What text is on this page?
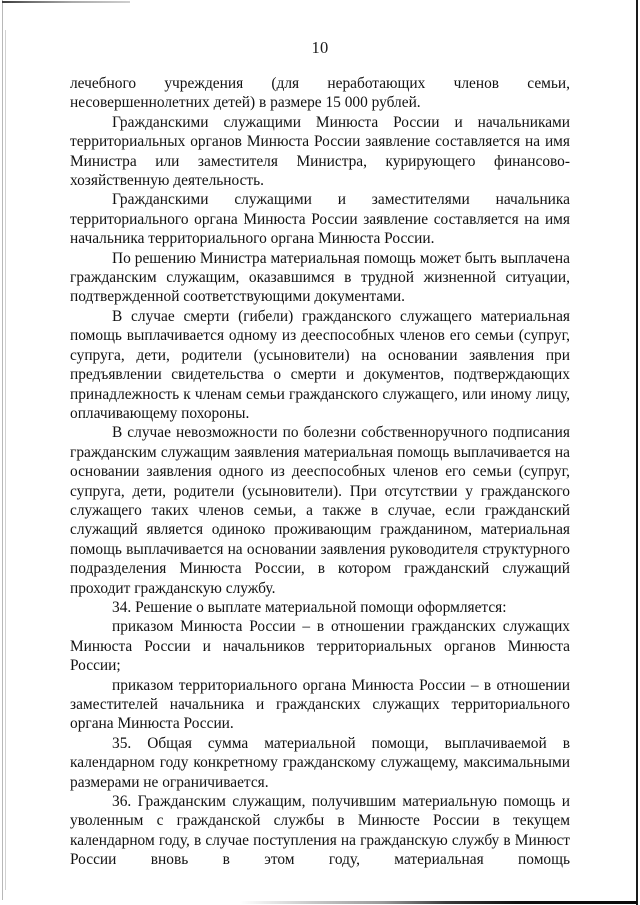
10

лечебного учреждения (для неработающих членов семьи, несовершеннолетних детей) в размере 15 000 рублей.

Гражданскими служащими Минюста России и начальниками территориальных органов Минюста России заявление составляется на имя Министра или заместителя Министра, курирующего финансово-хозяйственную деятельность.

Гражданскими служащими и заместителями начальника территориального органа Минюста России заявление составляется на имя начальника территориального органа Минюста России.

По решению Министра материальная помощь может быть выплачена гражданским служащим, оказавшимся в трудной жизненной ситуации, подтвержденной соответствующими документами.

В случае смерти (гибели) гражданского служащего материальная помощь выплачивается одному из дееспособных членов его семьи (супруг, супруга, дети, родители (усыновители) на основании заявления при предъявлении свидетельства о смерти и документов, подтверждающих принадлежность к членам семьи гражданского служащего, или иному лицу, оплачивающему похороны.

В случае невозможности по болезни собственноручного подписания гражданским служащим заявления материальная помощь выплачивается на основании заявления одного из дееспособных членов его семьи (супруг, супруга, дети, родители (усыновители). При отсутствии у гражданского служащего таких членов семьи, а также в случае, если гражданский служащий является одиноко проживающим гражданином, материальная помощь выплачивается на основании заявления руководителя структурного подразделения Минюста России, в котором гражданский служащий проходит гражданскую службу.

34. Решение о выплате материальной помощи оформляется:

приказом Минюста России – в отношении гражданских служащих Минюста России и начальников территориальных органов Минюста России;

приказом территориального органа Минюста России – в отношении заместителей начальника и гражданских служащих территориального органа Минюста России.

35. Общая сумма материальной помощи, выплачиваемой в календарном году конкретному гражданскому служащему, максимальными размерами не ограничивается.

36. Гражданским служащим, получившим материальную помощь и уволенным с гражданской службы в Минюсте России в текущем календарном году, в случае поступления на гражданскую службу в Минюст России вновь в этом году, материальная помощь
